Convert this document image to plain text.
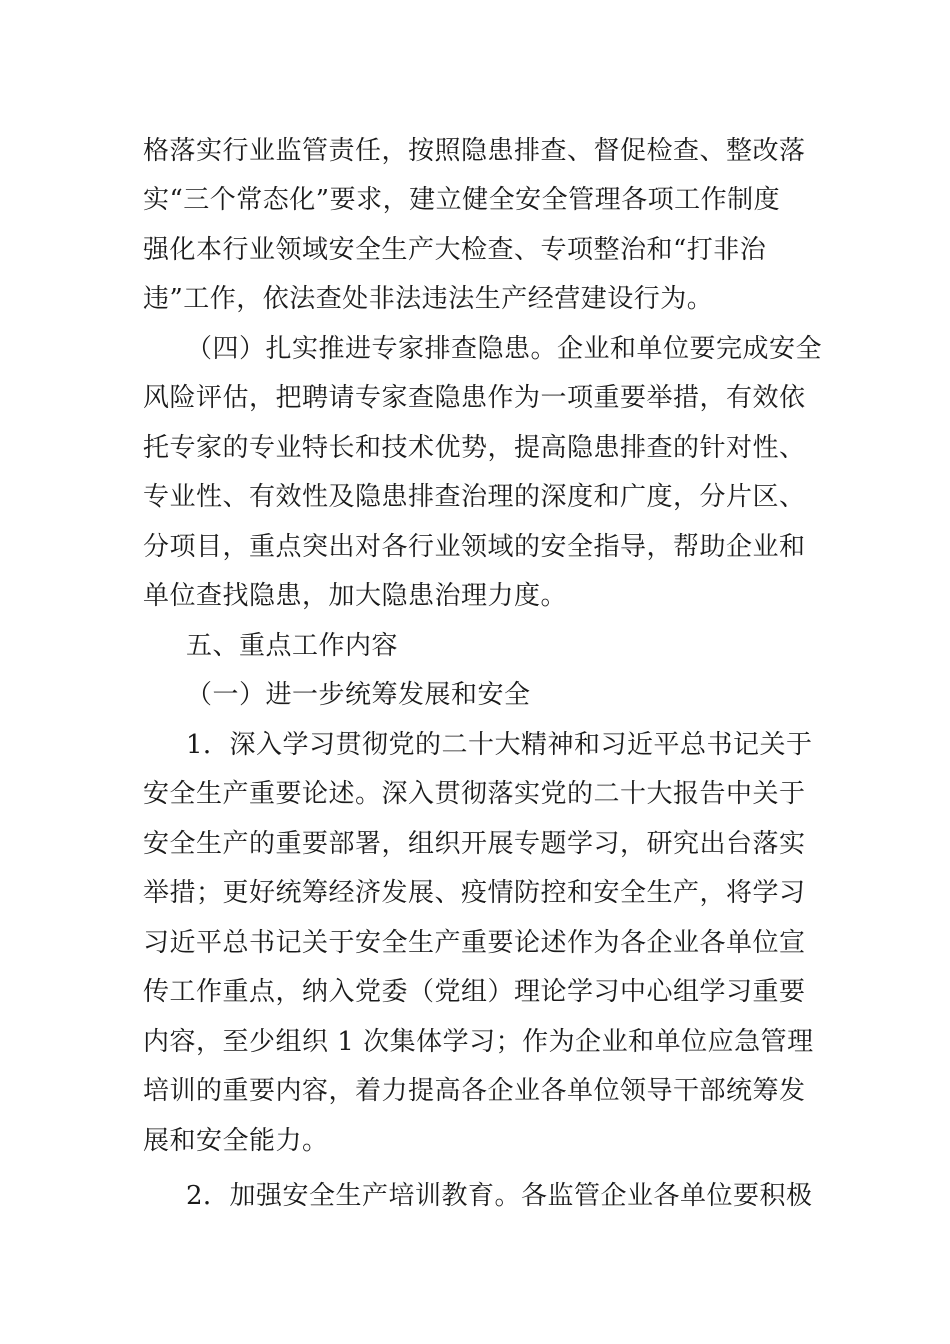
格落实行业监管责任，按照隐患排查、督促检查、整改落
实“三个常态化”要求，建立健全安全管理各项工作制度
强化本行业领域安全生产大检查、专项整治和“打非治
违”工作，依法查处非法违法生产经营建设行为。
（四）扎实推进专家排查隐患。企业和单位要完成安全
风险评估，把聘请专家查隐患作为一项重要举措，有效依
托专家的专业特长和技术优势，提高隐患排查的针对性、
专业性、有效性及隐患排查治理的深度和广度，分片区、
分项目，重点突出对各行业领域的安全指导，帮助企业和
单位查找隐患，加大隐患治理力度。
五、重点工作内容
（一）进一步统筹发展和安全
1．深入学习贯彻党的二十大精神和习近平总书记关于
安全生产重要论述。深入贯彻落实党的二十大报告中关于
安全生产的重要部署，组织开展专题学习，研究出台落实
举措；更好统筹经济发展、疫情防控和安全生产，将学习
习近平总书记关于安全生产重要论述作为各企业各单位宣
传工作重点，纳入党委（党组）理论学习中心组学习重要
内容，至少组织 1 次集体学习；作为企业和单位应急管理
培训的重要内容，着力提高各企业各单位领导干部统筹发
展和安全能力。
2．加强安全生产培训教育。各监管企业各单位要积极
